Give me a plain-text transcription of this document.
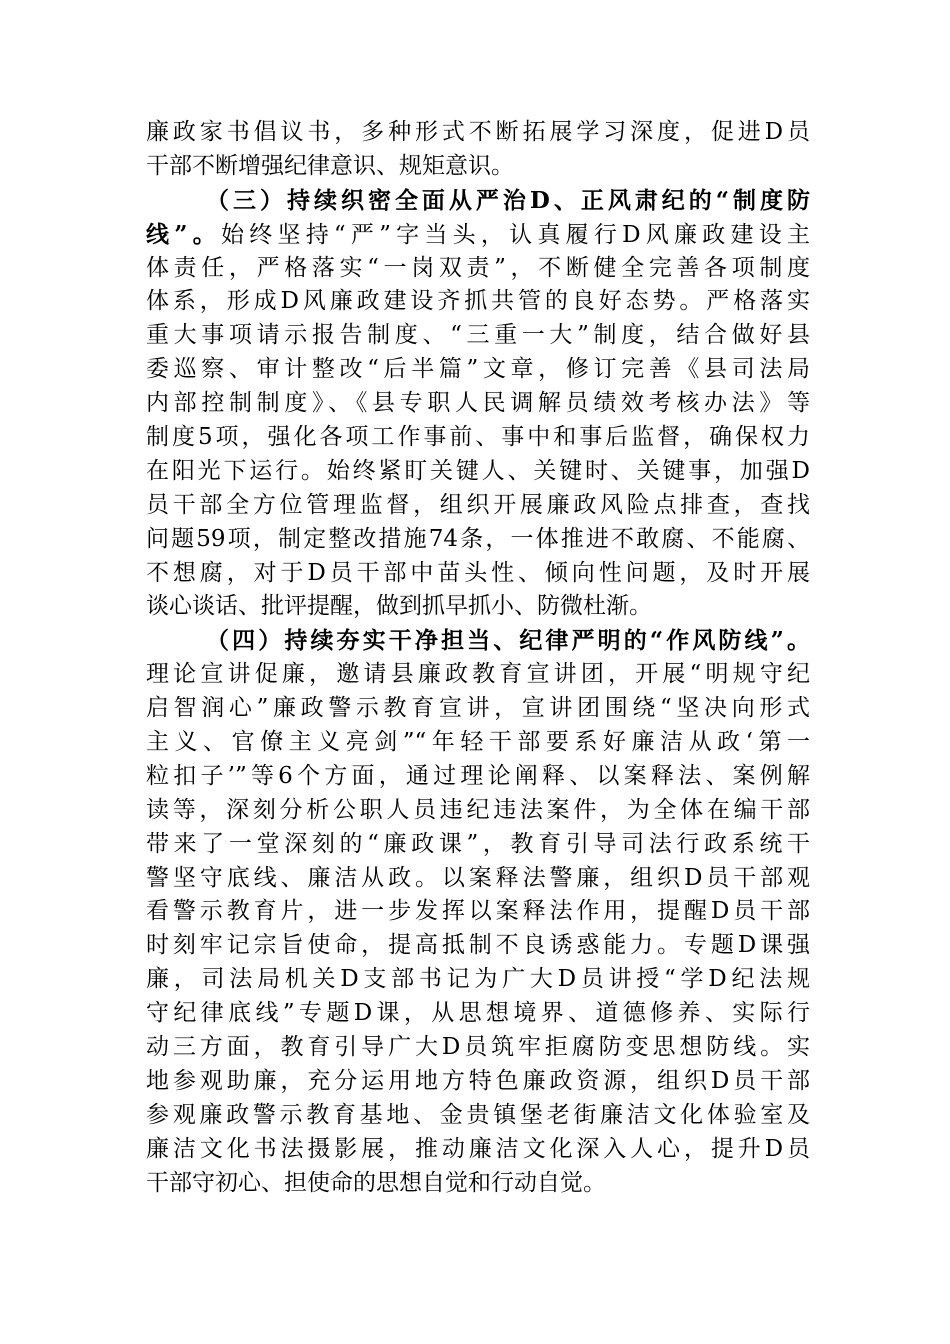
廉政家书倡议书，多种形式不断拓展学习深度，促进D员
干部不断增强纪律意识、规矩意识。
（三）持续织密全面从严治D、正风肃纪的“制度防
线”。始终坚持“严”字当头，认真履行D风廉政建设主
体责任，严格落实“一岗双责”，不断健全完善各项制度
体系，形成D风廉政建设齐抓共管的良好态势。严格落实
重大事项请示报告制度、“三重一大”制度，结合做好县
委巡察、审计整改“后半篇”文章，修订完善《县司法局
内部控制制度》、《县专职人民调解员绩效考核办法》等
制度5项，强化各项工作事前、事中和事后监督，确保权力
在阳光下运行。始终紧盯关键人、关键时、关键事，加强D
员干部全方位管理监督，组织开展廉政风险点排查，查找
问题59项，制定整改措施74条，一体推进不敢腐、不能腐、
不想腐，对于D员干部中苗头性、倾向性问题，及时开展
谈心谈话、批评提醒，做到抓早抓小、防微杜渐。
（四）持续夯实干净担当、纪律严明的“作风防线”。
理论宣讲促廉，邀请县廉政教育宣讲团，开展“明规守纪
启智润心”廉政警示教育宣讲，宣讲团围绕“坚决向形式
主义、官僚主义亮剑”“年轻干部要系好廉洁从政‘第一
粒扣子’”等6个方面，通过理论阐释、以案释法、案例解
读等，深刻分析公职人员违纪违法案件，为全体在编干部
带来了一堂深刻的“廉政课”，教育引导司法行政系统干
警坚守底线、廉洁从政。以案释法警廉，组织D员干部观
看警示教育片，进一步发挥以案释法作用，提醒D员干部
时刻牢记宗旨使命，提高抵制不良诱惑能力。专题D课强
廉，司法局机关D支部书记为广大D员讲授“学D纪法规
守纪律底线”专题D课，从思想境界、道德修养、实际行
动三方面，教育引导广大D员筑牢拒腐防变思想防线。实
地参观助廉，充分运用地方特色廉政资源，组织D员干部
参观廉政警示教育基地、金贵镇堡老街廉洁文化体验室及
廉洁文化书法摄影展，推动廉洁文化深入人心，提升D员
干部守初心、担使命的思想自觉和行动自觉。
